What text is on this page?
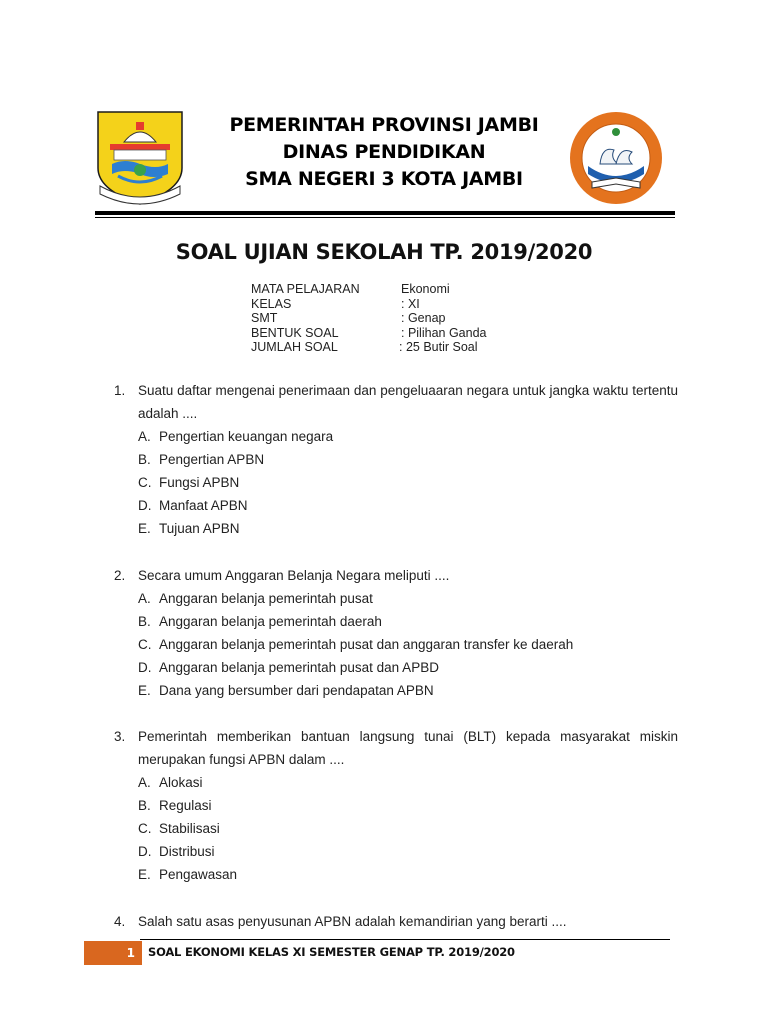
PEMERINTAH PROVINSI JAMBI
DINAS PENDIDIKAN
SMA NEGERI 3 KOTA JAMBI
SOAL UJIAN SEKOLAH TP. 2019/2020
MATA PELAJARAN	Ekonomi
KELAS	: XI
SMT	: Genap
BENTUK SOAL	: Pilihan Ganda
JUMLAH SOAL	: 25 Butir Soal
1. Suatu daftar mengenai penerimaan dan pengeluaaran negara untuk jangka waktu tertentu adalah ....
A. Pengertian keuangan negara
B. Pengertian APBN
C. Fungsi APBN
D. Manfaat APBN
E. Tujuan APBN
2. Secara umum Anggaran Belanja Negara meliputi ....
A. Anggaran belanja pemerintah pusat
B. Anggaran belanja pemerintah daerah
C. Anggaran belanja pemerintah pusat dan anggaran transfer ke daerah
D. Anggaran belanja pemerintah pusat dan APBD
E. Dana yang bersumber dari pendapatan APBN
3. Pemerintah memberikan bantuan langsung tunai (BLT) kepada masyarakat miskin merupakan fungsi APBN dalam ....
A. Alokasi
B. Regulasi
C. Stabilisasi
D. Distribusi
E. Pengawasan
4. Salah satu asas penyusunan APBN adalah kemandirian yang berarti ....
1	SOAL EKONOMI KELAS XI SEMESTER GENAP TP. 2019/2020
